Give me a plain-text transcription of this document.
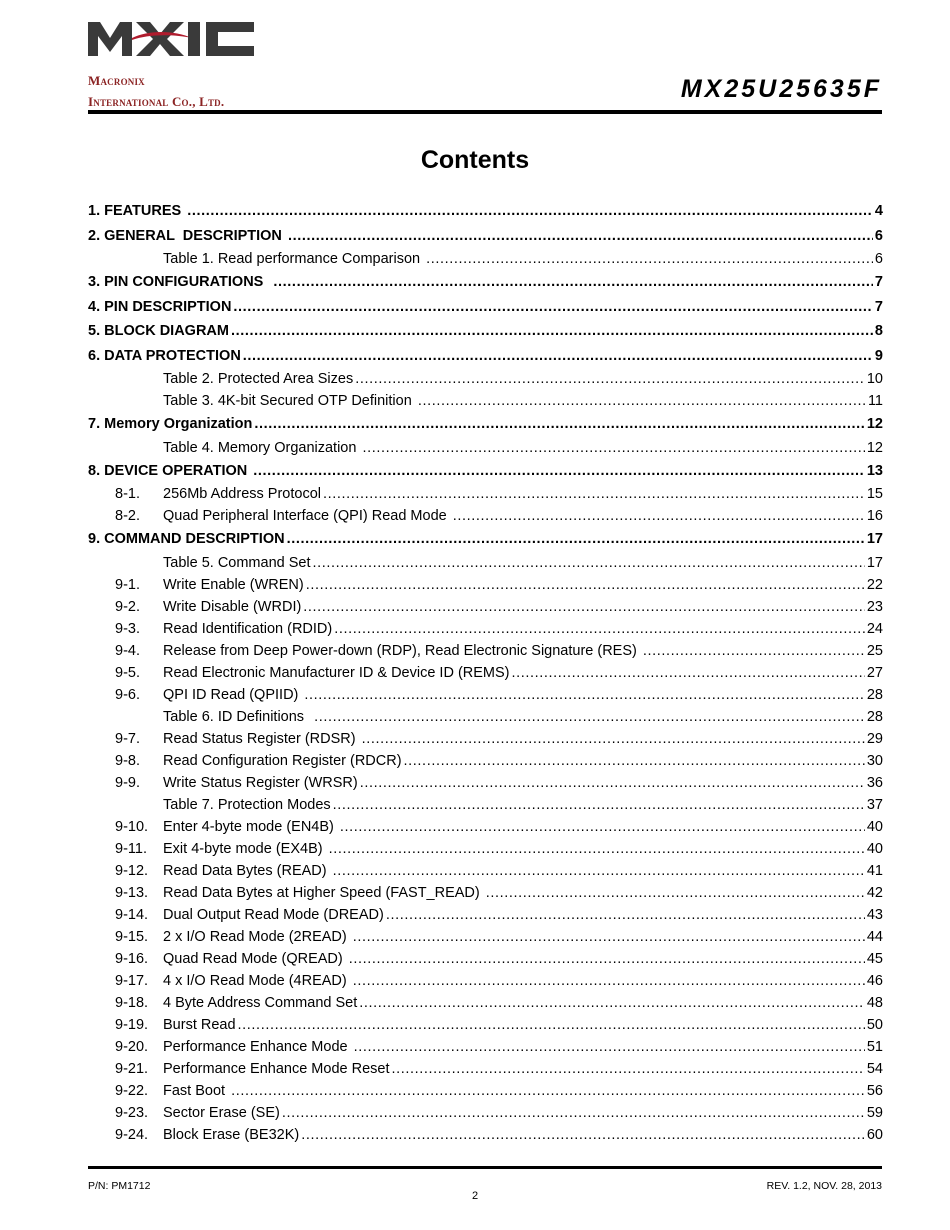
Macronix
International Co., Ltd.	MX25U25635F
Contents
1. FEATURES .....	4
2. GENERAL  DESCRIPTION .....	6
Table 1. Read performance Comparison .....	6
3. PIN CONFIGURATIONS .....	7
4. PIN DESCRIPTION .....	7
5. BLOCK DIAGRAM .....	8
6. DATA PROTECTION .....	9
Table 2. Protected Area Sizes .....	10
Table 3. 4K-bit Secured OTP Definition .....	11
7. Memory Organization .....	12
Table 4. Memory Organization .....	12
8. DEVICE OPERATION .....	13
8-1.	256Mb Address Protocol .....	15
8-2.	Quad Peripheral Interface (QPI) Read Mode .....	16
9. COMMAND DESCRIPTION .....	17
Table 5. Command Set .....	17
9-1.	Write Enable (WREN) .....	22
9-2.	Write Disable (WRDI) .....	23
9-3.	Read Identification (RDID) .....	24
9-4.	Release from Deep Power-down (RDP), Read Electronic Signature (RES) .....	25
9-5.	Read Electronic Manufacturer ID & Device ID (REMS) .....	27
9-6.	QPI ID Read (QPIID) .....	28
Table 6. ID Definitions .....	28
9-7.	Read Status Register (RDSR) .....	29
9-8.	Read Configuration Register (RDCR) .....	30
9-9.	Write Status Register (WRSR) .....	36
Table 7. Protection Modes .....	37
9-10.	Enter 4-byte mode (EN4B) .....	40
9-11.	Exit 4-byte mode (EX4B) .....	40
9-12.	Read Data Bytes (READ) .....	41
9-13.	Read Data Bytes at Higher Speed (FAST_READ) .....	42
9-14.	Dual Output Read Mode (DREAD) .....	43
9-15.	2 x I/O Read Mode (2READ) .....	44
9-16.	Quad Read Mode (QREAD) .....	45
9-17.	4 x I/O Read Mode (4READ) .....	46
9-18.	4 Byte Address Command Set .....	48
9-19.	Burst Read .....	50
9-20.	Performance Enhance Mode .....	51
9-21.	Performance Enhance Mode Reset .....	54
9-22.	Fast Boot .....	56
9-23.	Sector Erase (SE) .....	59
9-24.	Block Erase (BE32K) .....	60
P/N: PM1712
2
REV. 1.2, NOV. 28, 2013
